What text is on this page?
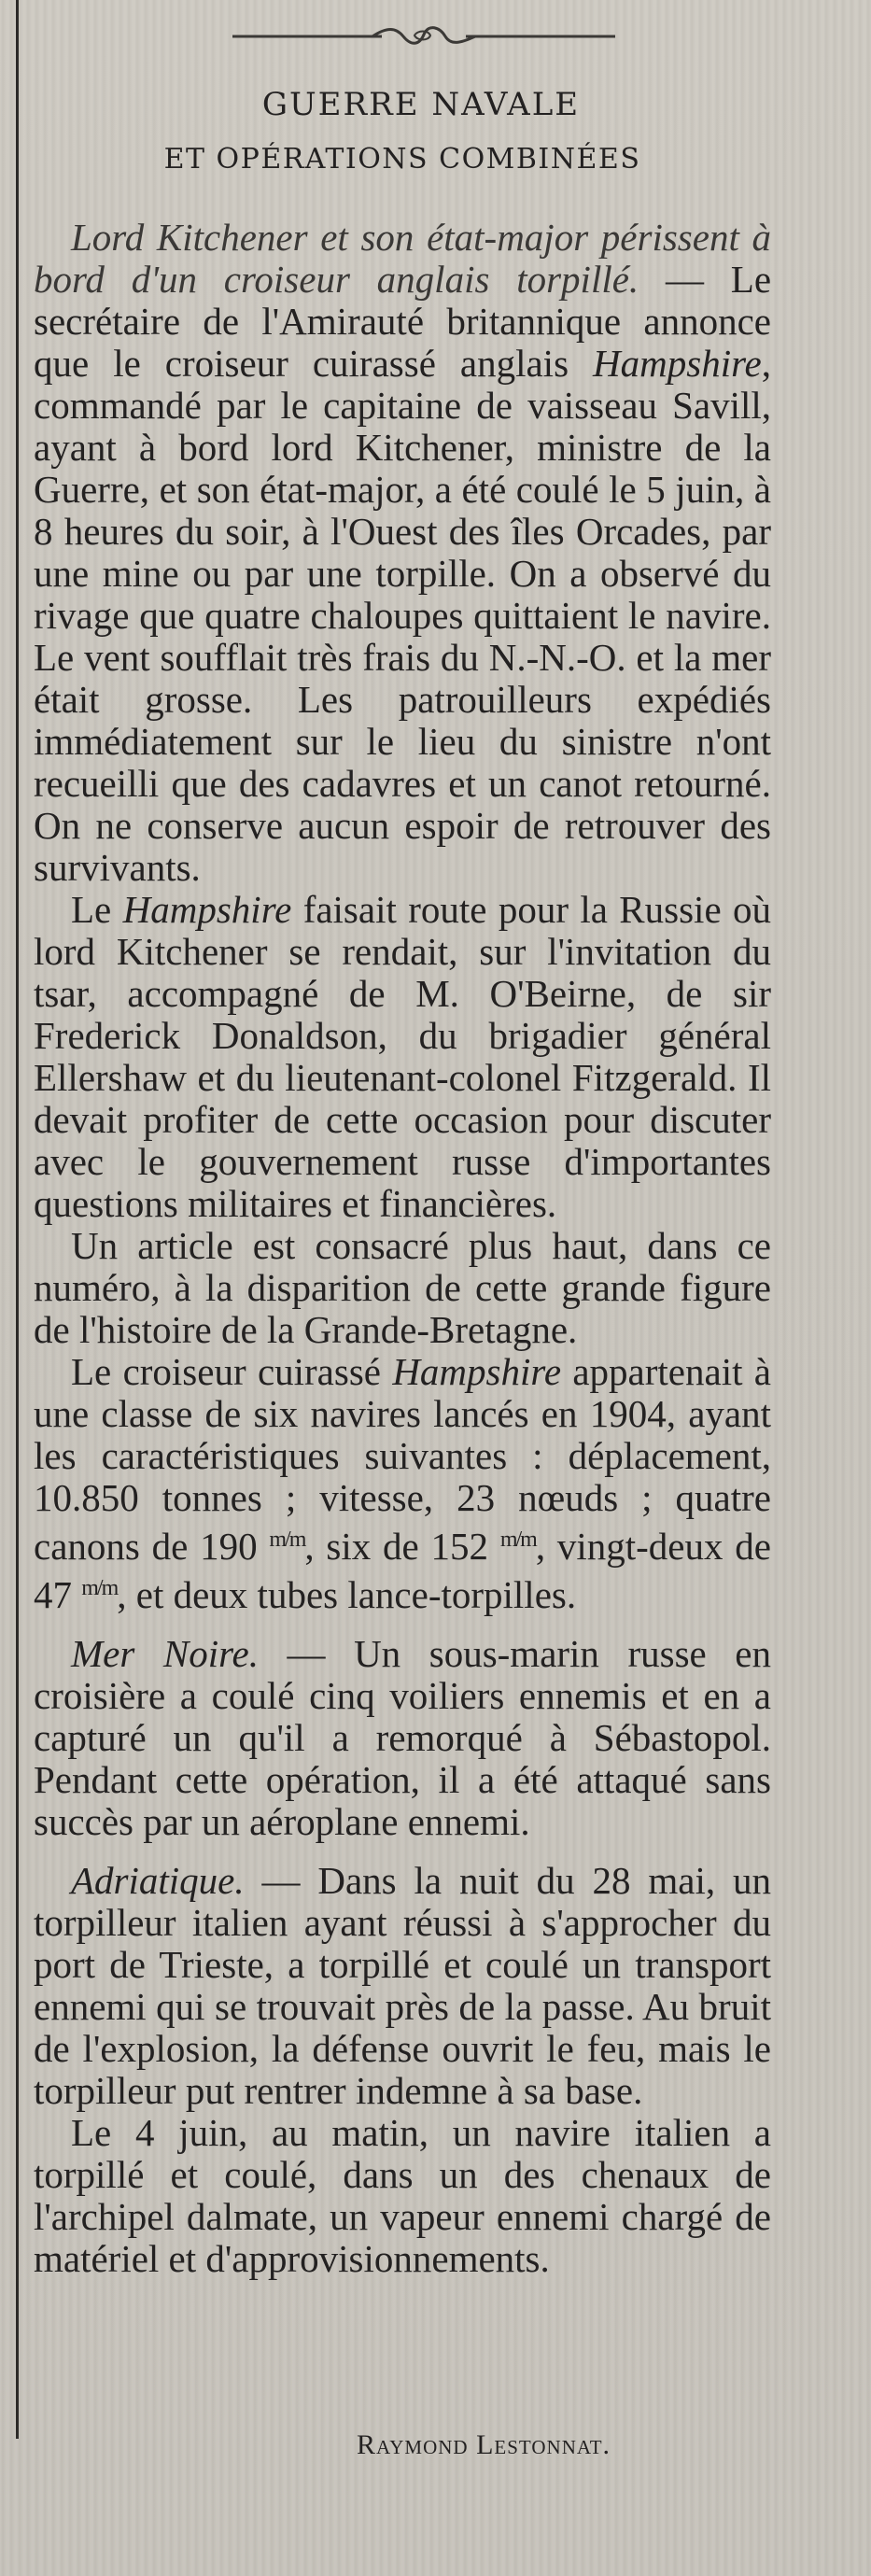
GUERRE NAVALE
ET OPÉRATIONS COMBINÉES

Lord Kitchener et son état-major périssent à bord d'un croiseur anglais torpillé. — Le secrétaire de l'Amirauté britannique annonce que le croiseur cuirassé anglais Hampshire, commandé par le capitaine de vaisseau Savill, ayant à bord lord Kitchener, ministre de la Guerre, et son état-major, a été coulé le 5 juin, à 8 heures du soir, à l'Ouest des îles Orcades, par une mine ou par une torpille. On a observé du rivage que quatre chaloupes quittaient le navire. Le vent soufflait très frais du N.-N.-O. et la mer était grosse. Les patrouilleurs expédiés immédiatement sur le lieu du sinistre n'ont recueilli que des cadavres et un canot retourné. On ne conserve aucun espoir de retrouver des survivants.

Le Hampshire faisait route pour la Russie où lord Kitchener se rendait, sur l'invitation du tsar, accompagné de M. O'Beirne, de sir Frederick Donaldson, du brigadier général Ellershaw et du lieutenant-colonel Fitzgerald. Il devait profiter de cette occasion pour discuter avec le gouvernement russe d'importantes questions militaires et financières.

Un article est consacré plus haut, dans ce numéro, à la disparition de cette grande figure de l'histoire de la Grande-Bretagne.

Le croiseur cuirassé Hampshire appartenait à une classe de six navires lancés en 1904, ayant les caractéristiques suivantes : déplacement, 10.850 tonnes ; vitesse, 23 nœuds ; quatre canons de 190 $^{m/m}$, six de 152 $^{m/m}$, vingt-deux de 47 $^{m/m}$, et deux tubes lance-torpilles.

Mer Noire. — Un sous-marin russe en croisière a coulé cinq voiliers ennemis et en a capturé un qu'il a remorqué à Sébastopol. Pendant cette opération, il a été attaqué sans succès par un aéroplane ennemi.

Adriatique. — Dans la nuit du 28 mai, un torpilleur italien ayant réussi à s'approcher du port de Trieste, a torpillé et coulé un transport ennemi qui se trouvait près de la passe. Au bruit de l'explosion, la défense ouvrit le feu, mais le torpilleur put rentrer indemne à sa base.

Le 4 juin, au matin, un navire italien a torpillé et coulé, dans un des chenaux de l'archipel dalmate, un vapeur ennemi chargé de matériel et d'approvisionnements.

Raymond Lestonnat.
